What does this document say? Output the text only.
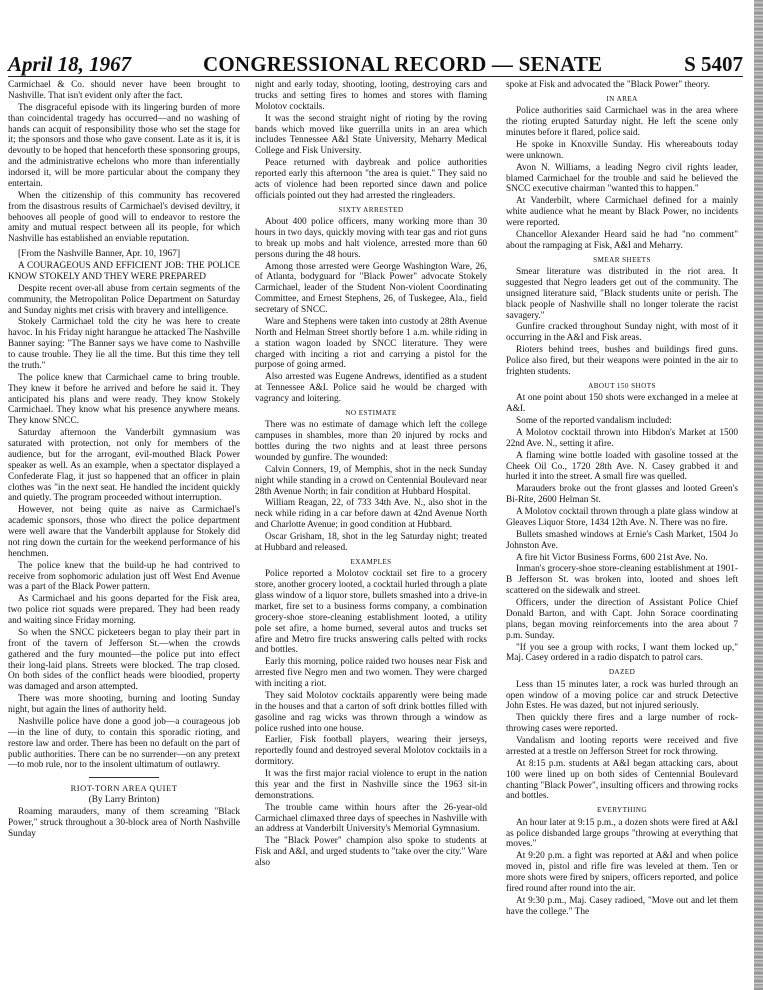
April 18, 1967	CONGRESSIONAL RECORD — SENATE	S 5407

Carmichael & Co. should never have been brought to Nashville. That isn't evident only after the fact.

The disgraceful episode with its lingering burden of more than coincidental tragedy has occurred—and no washing of hands can acquit of responsibility those who set the stage for it; the sponsors and those who gave consent. Late as it is, it is devoutly to be hoped that henceforth these sponsoring groups, and the administrative echelons who more than inferentially indorsed it, will be more particular about the company they entertain.

When the citizenship of this community has recovered from the disastrous results of Carmichael's devised deviltry, it behooves all people of good will to endeavor to restore the amity and mutual respect between all its people, for which Nashville has established an enviable reputation.

[From the Nashville Banner, Apr. 10, 1967]

A COURAGEOUS AND EFFICIENT JOB: THE POLICE KNOW STOKELY AND THEY WERE PREPARED

Despite recent over-all abuse from certain segments of the community, the Metropolitan Police Department on Saturday and Sunday nights met crisis with bravery and intelligence.

Stokely Carmichael told the city he was here to create havoc. In his Friday night harangue he attacked The Nashville Banner saying: "The Banner says we have come to Nashville to cause trouble. They lie all the time. But this time they tell the truth."

The police knew that Carmichael came to bring trouble. They knew it before he arrived and before he said it. They anticipated his plans and were ready. They know Stokely Carmichael. They know what his presence anywhere means. They know SNCC.

Saturday afternoon the Vanderbilt gymnasium was saturated with protection, not only for members of the audience, but for the arrogant, evil-mouthed Black Power speaker as well. As an example, when a spectator displayed a Confederate Flag, it just so happened that an officer in plain clothes was "in the next seat. He handled the incident quickly and quietly. The program proceeded without interruption.

However, not being quite as naive as Carmichael's academic sponsors, those who direct the police department were well aware that the Vanderbilt applause for Stokely did not ring down the curtain for the weekend performance of his henchmen.

The police knew that the build-up he had contrived to receive from sophomoric adulation just off West End Avenue was a part of the Black Power pattern.

As Carmichael and his goons departed for the Fisk area, two police riot squads were prepared. They had been ready and waiting since Friday morning.

So when the SNCC picketeers began to play their part in front of the tavern of Jefferson St.—when the crowds gathered and the fury mounted—the police put into effect their long-laid plans. Streets were blocked. The trap closed. On both sides of the conflict heads were bloodied, property was damaged and arson attempted.

There was more shooting, burning and looting Sunday night, but again the lines of authority held.

Nashville police have done a good job—a courageous job—in the line of duty, to contain this sporadic rioting, and restore law and order. There has been no default on the part of public authorities. There can be no surrender—on any pretext—to mob rule, nor to the insolent ultimatum of outlawry.

RIOT-TORN AREA QUIET

(By Larry Brinton)

Roaming marauders, many of them screaming "Black Power," struck throughout a 30-block area of North Nashville Sunday

night and early today, shooting, looting, destroying cars and trucks and setting fires to homes and stores with flaming Molotov cocktails.

It was the second straight night of rioting by the roving bands which moved like guerrilla units in an area which includes Tennessee A&I State University, Meharry Medical College and Fisk University.

Peace returned with daybreak and police authorities reported early this afternoon "the area is quiet." They said no acts of violence had been reported since dawn and police officials pointed out they had arrested the ringleaders.

SIXTY ARRESTED

About 400 police officers, many working more than 30 hours in two days, quickly moving with tear gas and riot guns to break up mobs and halt violence, arrested more than 60 persons during the 48 hours.

Among those arrested were George Washington Ware, 26, of Atlanta, bodyguard for "Black Power" advocate Stokely Carmichael, leader of the Student Non-violent Coordinating Committee, and Ernest Stephens, 26, of Tuskegee, Ala., field secretary of SNCC.

Ware and Stephens were taken into custody at 28th Avenue North and Helman Street shortly before 1 a.m. while riding in a station wagon loaded by SNCC literature. They were charged with inciting a riot and carrying a pistol for the purpose of going armed.

Also arrested was Eugene Andrews, identified as a student at Tennessee A&I. Police said he would be charged with vagrancy and loitering.

NO ESTIMATE

There was no estimate of damage which left the college campuses in shambles, more than 20 injured by rocks and bottles during the two nights and at least three persons wounded by gunfire. The wounded:

Calvin Conners, 19, of Memphis, shot in the neck Sunday night while standing in a crowd on Centennial Boulevard near 28th Avenue North; in fair condition at Hubbard Hospital.

William Reagan, 22, of 733 34th Ave. N., also shot in the neck while riding in a car before dawn at 42nd Avenue North and Charlotte Avenue; in good condition at Hubbard.

Oscar Grisham, 18, shot in the leg Saturday night; treated at Hubbard and released.

EXAMPLES

Police reported a Molotov cocktail set fire to a grocery store, another grocery looted, a cocktail hurled through a plate glass window of a liquor store, bullets smashed into a drive-in market, fire set to a business forms company, a combination grocery-shoe store-cleaning establishment looted, a utility pole set afire, a home burned, several autos and trucks set afire and Metro fire trucks answering calls pelted with rocks and bottles.

Early this morning, police raided two houses near Fisk and arrested five Negro men and two women. They were charged with inciting a riot.

They said Molotov cocktails apparently were being made in the houses and that a carton of soft drink bottles filled with gasoline and rag wicks was thrown through a window as police rushed into one house.

Earlier, Fisk football players, wearing their jerseys, reportedly found and destroyed several Molotov cocktails in a dormitory.

It was the first major racial violence to erupt in the nation this year and the first in Nashville since the 1963 sit-in demonstrations.

The trouble came within hours after the 26-year-old Carmichael climaxed three days of speeches in Nashville with an address at Vanderbilt University's Memorial Gymnasium.

The "Black Power" champion also spoke to students at Fisk and A&I, and urged students to "take over the city." Ware also

spoke at Fisk and advocated the "Black Power" theory.

IN AREA

Police authorities said Carmichael was in the area where the rioting erupted Saturday night. He left the scene only minutes before it flared, police said.

He spoke in Knoxville Sunday. His whereabouts today were unknown.

Avon N. Williams, a leading Negro civil rights leader, blamed Carmichael for the trouble and said he believed the SNCC executive chairman "wanted this to happen."

At Vanderbilt, where Carmichael defined for a mainly white audience what he meant by Black Power, no incidents were reported.

Chancellor Alexander Heard said he had "no comment" about the rampaging at Fisk, A&I and Meharry.

SMEAR SHEETS

Smear literature was distributed in the riot area. It suggested that Negro leaders get out of the community. The unsigned literature said, "Black students unite or perish. The black people of Nashville shall no longer tolerate the racist savagery."

Gunfire cracked throughout Sunday night, with most of it occurring in the A&I and Fisk areas.

Rioters behind trees, bushes and buildings fired guns. Police also fired, but their weapons were pointed in the air to frighten students.

ABOUT 150 SHOTS

At one point about 150 shots were exchanged in a melee at A&I.

Some of the reported vandalism included:

A Molotov cocktail thrown into Hibdon's Market at 1500 22nd Ave. N., setting it afire.

A flaming wine bottle loaded with gasoline tossed at the Cheek Oil Co., 1720 28th Ave. N. Casey grabbed it and hurled it into the street. A small fire was quelled.

Marauders broke out the front glasses and looted Green's Bi-Rite, 2600 Helman St.

A Molotov cocktail thrown through a plate glass window at Gleaves Liquor Store, 1434 12th Ave. N. There was no fire.

Bullets smashed windows at Ernie's Cash Market, 1504 Jo Johnston Ave.

A fire hit Victor Business Forms, 600 21st Ave. No.

Inman's grocery-shoe store-cleaning establishment at 1901-B Jefferson St. was broken into, looted and shoes left scattered on the sidewalk and street.

Officers, under the direction of Assistant Police Chief Donald Barton, and with Capt. John Sorace coordinating plans, began moving reinforcements into the area about 7 p.m. Sunday.

"If you see a group with rocks, I want them locked up," Maj. Casey ordered in a radio dispatch to patrol cars.

DAZED

Less than 15 minutes later, a rock was hurled through an open window of a moving police car and struck Detective John Estes. He was dazed, but not injured seriously.

Then quickly there fires and a large number of rock-throwing cases were reported.

Vandalism and looting reports were received and five arrested at a trestle on Jefferson Street for rock throwing.

At 8:15 p.m. students at A&I began attacking cars, about 100 were lined up on both sides of Centennial Boulevard chanting "Black Power", insulting officers and throwing rocks and bottles.

EVERYTHING

An hour later at 9:15 p.m., a dozen shots were fired at A&I as police disbanded large groups "throwing at everything that moves."

At 9:20 p.m. a fight was reported at A&I and when police moved in, pistol and rifle fire was leveled at them. Ten or more shots were fired by snipers, officers reported, and police fired round after round into the air.

At 9:30 p.m., Maj. Casey radioed, "Move out and let them have the college." The
